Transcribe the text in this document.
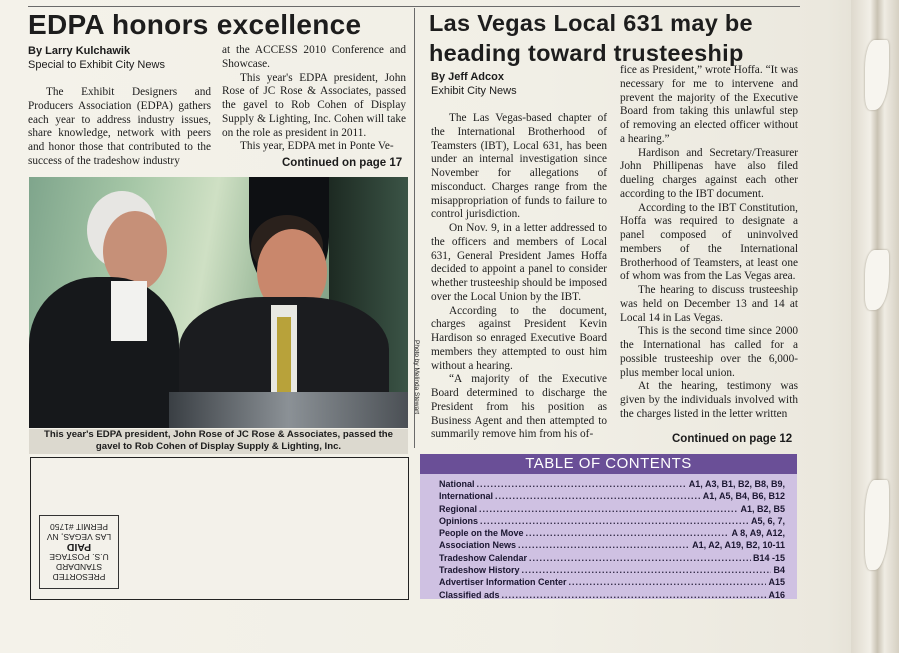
EDPA honors excellence
By Larry Kulchawik
Special to Exhibit City News

The Exhibit Designers and Producers Association (EDPA) gathers each year to address industry issues, share knowledge, network with peers and honor those that contributed to the success of the tradeshow industry

at the ACCESS 2010 Conference and Showcase.

This year's EDPA president, John Rose of JC Rose & Associates, passed the gavel to Rob Cohen of Display Supply & Lighting, Inc. Cohen will take on the role as president in 2011.

This year, EDPA met in Ponte Ve-

Continued on page 17
Photo by Melinda Stewart
This year's EDPA president, John Rose of JC Rose & Associates, passed the
gavel to Rob Cohen of Display Supply & Lighting, Inc.
PRESORTED
STANDARD
U.S. POSTAGE
PAID
LAS VEGAS, NV
PERMIT #1750
Las Vegas Local 631 may be
heading toward trusteeship
By Jeff Adcox
Exhibit City News

The Las Vegas-based chapter of the International Brotherhood of Teamsters (IBT), Local 631, has been under an internal investigation since November for allegations of misconduct. Charges range from the misappropriation of funds to failure to control jurisdiction.

On Nov. 9, in a letter addressed to the officers and members of Local 631, General President James Hoffa decided to appoint a panel to consider whether trusteeship should be imposed over the Local Union by the IBT.

According to the document, charges against President Kevin Hardison so enraged Executive Board members they attempted to oust him without a hearing.

“A majority of the Executive Board determined to discharge the President from his position as Business Agent and then attempted to summarily remove him from his of-

fice as President,” wrote Hoffa. “It was necessary for me to intervene and prevent the majority of the Executive Board from taking this unlawful step of removing an elected officer without a hearing.”

Hardison and Secretary/Treasurer John Phillipenas have also filed dueling charges against each other according to the IBT document.

According to the IBT Constitution, Hoffa was required to designate a panel composed of uninvolved members of the International Brotherhood of Teamsters, at least one of whom was from the Las Vegas area.

The hearing to discuss trusteeship was held on December 13 and 14 at Local 14 in Las Vegas.

This is the second time since 2000 the International has called for a possible trusteeship over the 6,000-plus member local union.

At the hearing, testimony was given by the individuals involved with the charges listed in the letter written

Continued on page 12
TABLE OF CONTENTS
National .....	A1, A3, B1, B2, B8, B9,
International .....	A1, A5, B4, B6, B12
Regional .....	A1, B2, B5
Opinions .....	A5, 6, 7,
People on the Move .....	A 8, A9, A12,
Association News .....	A1, A2, A19, B2, 10-11
Tradeshow Calendar .....	B14 -15
Tradeshow History .....	B4
Advertiser Information Center .....	A15
Classified ads .....	A16
